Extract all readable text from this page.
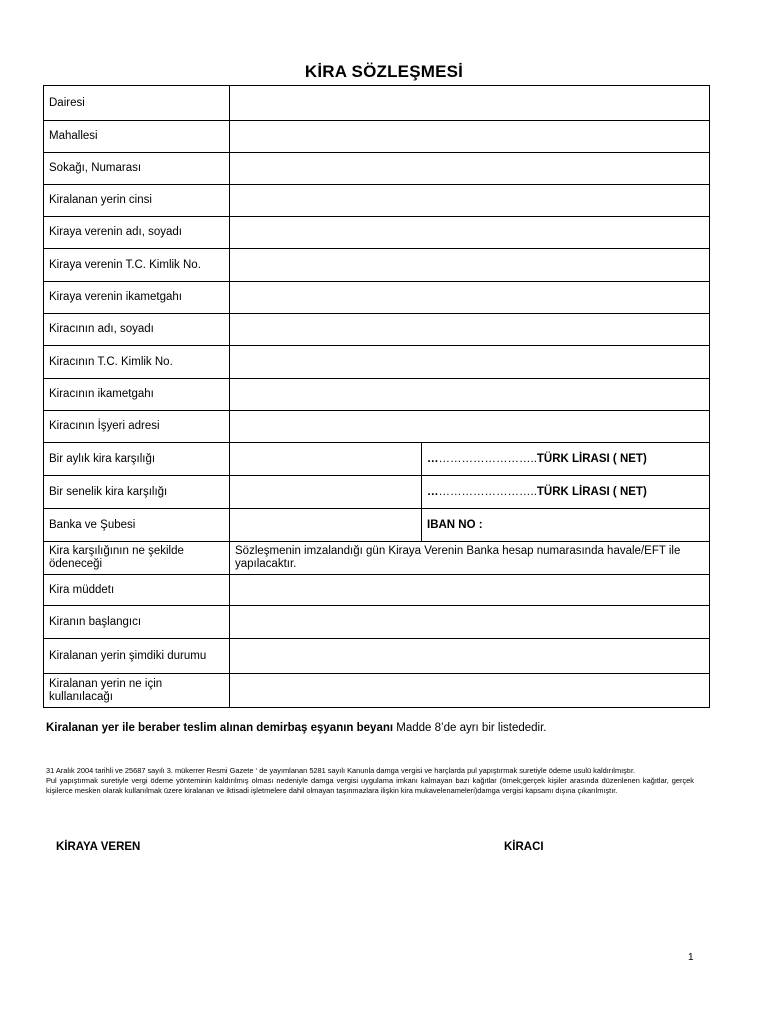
KİRA SÖZLEŞMESİ
Dairesi		
Mahallesi		
Sokağı, Numarası		
Kiralanan yerin cinsi		
Kiraya verenin adı, soyadı		
Kiraya verenin T.C. Kimlik No.		
Kiraya verenin ikametgahı		
Kiracının adı, soyadı		
Kiracının T.C. Kimlik No.		
Kiracının ikametgahı		
Kiracının İşyeri adresi		
Bir aylık kira karşılığı		………………………..TÜRK LİRASI ( NET)
Bir senelik kira karşılığı		………………………..TÜRK LİRASI ( NET)
Banka ve Şubesi		IBAN NO :
Kira karşılığının ne şekilde ödeneceği	Sözleşmenin imzalandığı gün Kiraya Verenin Banka hesap numarasında havale/EFT ile yapılacaktır.	
Kira müddetı		
Kiranın başlangıcı		
Kiralanan yerin şimdiki durumu		
Kiralanan yerin ne için kullanılacağı		
Kiralanan yer ile beraber teslim alınan demirbaş eşyanın beyanı Madde 8’de ayrı bir listededir.

31 Aralık 2004 tarihli ve 25687 sayılı 3. mükerrer Resmi Gazete ‘ de yayımlanan 5281 sayılı Kanunla damga vergisi ve harçlarda pul yapıştırmak suretiyle ödeme usulü kaldırılmıştır.

Pul yapıştırmak suretiyle vergi ödeme yönteminin kaldırılmış olması nedeniyle damga vergisi uygulama imkanı kalmayan bazı kağıtlar (örnek;gerçek kişiler arasında düzenlenen kağıtlar, gerçek kişilerce mesken olarak kullanılmak üzere kiralanan ve iktisadi işletmelere dahil olmayan taşınmazlara ilişkin kira mukavelenameleri)damga vergisi kapsamı dışına çıkarılmıştır.

KİRAYA VEREN	KİRACI
1
